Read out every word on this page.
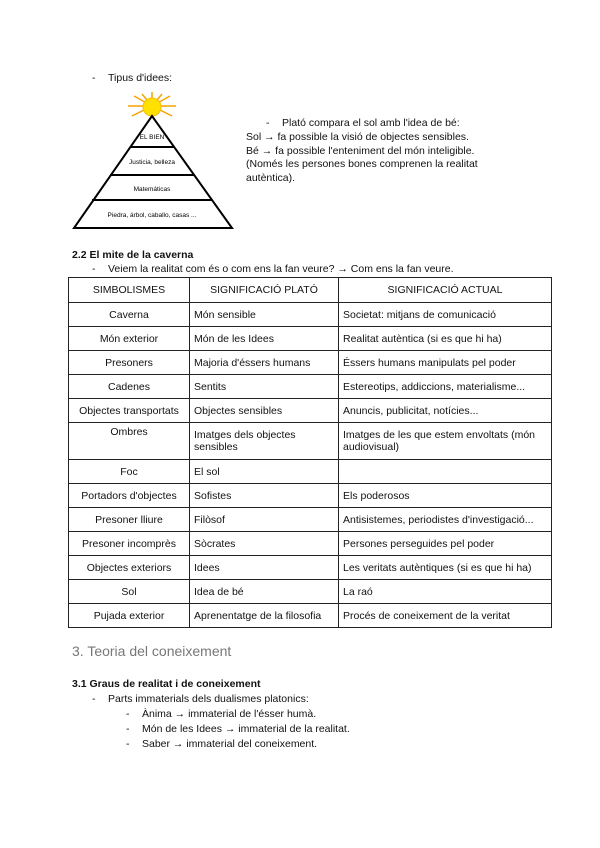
- Tipus d'idees:
EL BIEN
Justicia, belleza
Matemáticas
Piedra, árbol, caballo, casas ...
- Plató compara el sol amb l'idea de bé:
Sol → fa possible la visió de objectes sensibles.
Bé → fa possible l'enteniment del món inteligible.
(Només les persones bones comprenen la realitat
autèntica).
2.2 El mite de la caverna
- Veiem la realitat com és o com ens la fan veure? → Com ens la fan veure.
SIMBOLISMES	SIGNIFICACIÓ PLATÓ	SIGNIFICACIÓ ACTUAL
Caverna	Món sensible	Societat: mitjans de comunicació
Món exterior	Món de les Idees	Realitat autèntica (si es que hi ha)
Presoners	Majoria d'éssers humans	Éssers humans manipulats pel poder
Cadenes	Sentits	Estereotips, addiccions, materialisme...
Objectes transportats	Objectes sensibles	Anuncis, publicitat, notícies...
Ombres	Imatges dels objectes sensibles	Imatges de les que estem envoltats (món audiovisual)
Foc	El sol	
Portadors d'objectes	Sofistes	Els poderosos
Presoner lliure	Filòsof	Antisistemes, periodistes d'investigació...
Presoner incomprès	Sòcrates	Persones perseguides pel poder
Objectes exteriors	Idees	Les veritats autèntiques (si es que hi ha)
Sol	Idea de bé	La raó
Pujada exterior	Aprenentatge de la filosofia	Procés de coneixement de la veritat
3. Teoria del coneixement
3.1 Graus de realitat i de coneixement
- Parts immaterials dels dualismes platonics:
- Ànima → immaterial de l'ésser humà.
- Món de les Idees → immaterial de la realitat.
- Saber → immaterial del coneixement.
